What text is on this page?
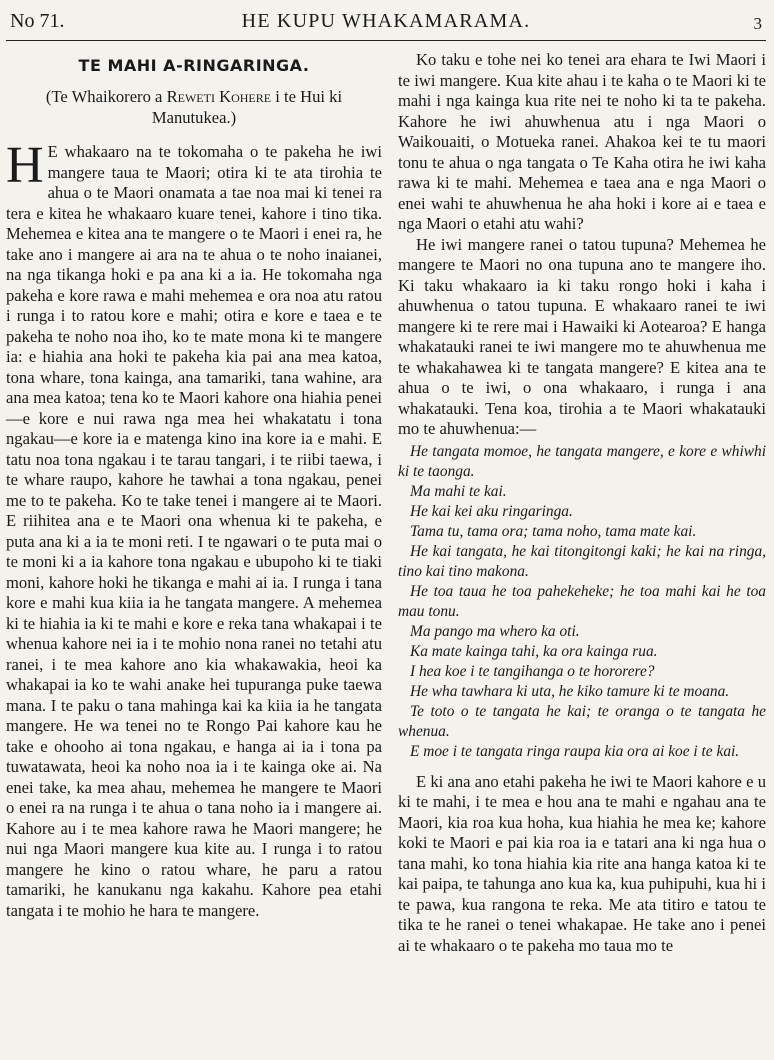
No 71.	HE KUPU WHAKAMARAMA.	3

TE MAHI A-RINGARINGA.

(Te Whaikorero a Reweti Kohere i te Hui ki Manutukea.)

H E whakaaro na te tokomaha o te pakeha he iwi mangere taua te Maori; otira ki te ata tirohia te ahua o te Maori onamata a tae noa mai ki tenei ra tera e kitea he whakaaro kuare tenei, kahore i tino tika. Mehemea e kitea ana te mangere o te Maori i enei ra, he take ano i mangere ai ara na te ahua o te noho inaianei, na nga tikanga hoki e pa ana ki a ia. He tokomaha nga pakeha e kore rawa e mahi mehemea e ora noa atu ratou i runga i to ratou kore e mahi; otira e kore e taea e te pakeha te noho noa iho, ko te mate mona ki te mangere ia: e hiahia ana hoki te pakeha kia pai ana mea katoa, tona whare, tona kainga, ana tamariki, tana wahine, ara ana mea katoa; tena ko te Maori kahore ona hiahia penei—e kore e nui rawa nga mea hei whakatatu i tona ngakau—e kore ia e matenga kino ina kore ia e mahi. E tatu noa tona ngakau i te tarau tangari, i te riibi taewa, i te whare raupo, kahore he tawhai a tona ngakau, penei me to te pakeha. Ko te take tenei i mangere ai te Maori. E riihitea ana e te Maori ona whenua ki te pakeha, e puta ana ki a ia te moni reti. I te ngawari o te puta mai o te moni ki a ia kahore tona ngakau e ubupoho ki te tiaki moni, kahore hoki he tikanga e mahi ai ia. I runga i tana kore e mahi kua kiia ia he tangata mangere. A mehemea ki te hiahia ia ki te mahi e kore e reka tana whakapai i te whenua kahore nei ia i te mohio nona ranei no tetahi atu ranei, i te mea kahore ano kia whakawakia, heoi ka whakapai ia ko te wahi anake hei tupuranga puke taewa mana. I te paku o tana mahinga kai ka kiia ia he tangata mangere. He wa tenei no te Rongo Pai kahore kau he take e ohooho ai tona ngakau, e hanga ai ia i tona pa tuwatawata, heoi ka noho noa ia i te kainga oke ai. Na enei take, ka mea ahau, mehemea he mangere te Maori o enei ra na runga i te ahua o tana noho ia i mangere ai. Kahore au i te mea kahore rawa he Maori mangere; he nui nga Maori mangere kua kite au. I runga i to ratou mangere he kino o ratou whare, he paru a ratou tamariki, he kanukanu nga kakahu. Kahore pea etahi tangata i te mohio he hara te mangere.

Ko taku e tohe nei ko tenei ara ehara te Iwi Maori i te iwi mangere. Kua kite ahau i te kaha o te Maori ki te mahi i nga kainga kua rite nei te noho ki ta te pakeha. Kahore he iwi ahuwhenua atu i nga Maori o Waikouaiti, o Motueka ranei. Ahakoa kei te tu maori tonu te ahua o nga tangata o Te Kaha otira he iwi kaha rawa ki te mahi. Mehemea e taea ana e nga Maori o enei wahi te ahuwhenua he aha hoki i kore ai e taea e nga Maori o etahi atu wahi?

He iwi mangere ranei o tatou tupuna? Mehemea he mangere te Maori no ona tupuna ano te mangere iho. Ki taku whakaaro ia ki taku rongo hoki i kaha i ahuwhenua o tatou tupuna. E whakaaro ranei te iwi mangere ki te rere mai i Hawaiki ki Aotearoa? E hanga whakatauki ranei te iwi mangere mo te ahuwhenua me te whakahawea ki te tangata mangere? E kitea ana te ahua o te iwi, o ona whakaaro, i runga i ana whakatauki. Tena koa, tirohia a te Maori whakatauki mo te ahuwhenua:—

He tangata momoe, he tangata mangere, e kore e whiwhi ki te taonga.

Ma mahi te kai.

He kai kei aku ringaringa.

Tama tu, tama ora; tama noho, tama mate kai.

He kai tangata, he kai titongitongi kaki; he kai na ringa, tino kai tino makona.

He toa taua he toa pahekeheke; he toa mahi kai he toa mau tonu.

Ma pango ma whero ka oti.

Ka mate kainga tahi, ka ora kainga rua.

I hea koe i te tangihanga o te hororere?

He wha tawhara ki uta, he kiko tamure ki te moana.

Te toto o te tangata he kai; te oranga o te tangata he whenua.

E moe i te tangata ringa raupa kia ora ai koe i te kai.

E ki ana ano etahi pakeha he iwi te Maori kahore e u ki te mahi, i te mea e hou ana te mahi e ngahau ana te Maori, kia roa kua hoha, kua hiahia he mea ke; kahore koki te Maori e pai kia roa ia e tatari ana ki nga hua o tana mahi, ko tona hiahia kia rite ana hanga katoa ki te kai paipa, te tahunga ano kua ka, kua puhipuhi, kua hi i te pawa, kua rangona te reka. Me ata titiro e tatou te tika te he ranei o tenei whakapae. He take ano i penei ai te whakaaro o te pakeha mo taua mo te
